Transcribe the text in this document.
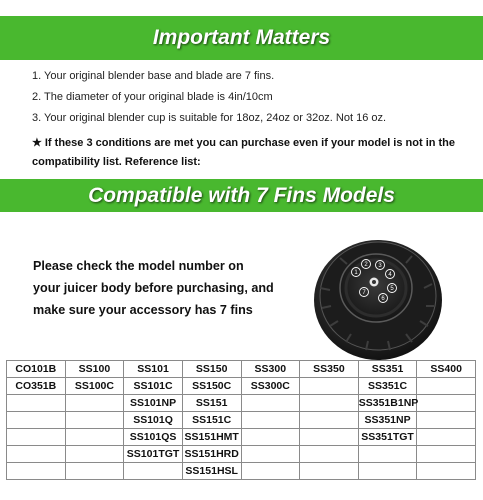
Important Matters
1. Your original blender base and blade are 7 fins.
2. The diameter of your original blade is 4in/10cm
3. Your original blender cup is suitable for 18oz, 24oz or 32oz. Not 16 oz.
★ If these 3 conditions are met you can purchase even if your model is not in the compatibility list. Reference list:
Compatible with 7 Fins Models
Please check the model number on
your juicer body before purchasing, and
make sure your accessory has 7 fins
1
2 3
4
5
6
7
CO101B	SS100	SS101	SS150	SS300	SS350	SS351	SS400
CO351B	SS100C	SS101C	SS150C	SS300C		SS351C	
		SS101NP	SS151			SS351B1NP	
		SS101Q	SS151C			SS351NP	
		SS101QS	SS151HMT			SS351TGT	
		SS101TGT	SS151HRD				
			SS151HSL				
